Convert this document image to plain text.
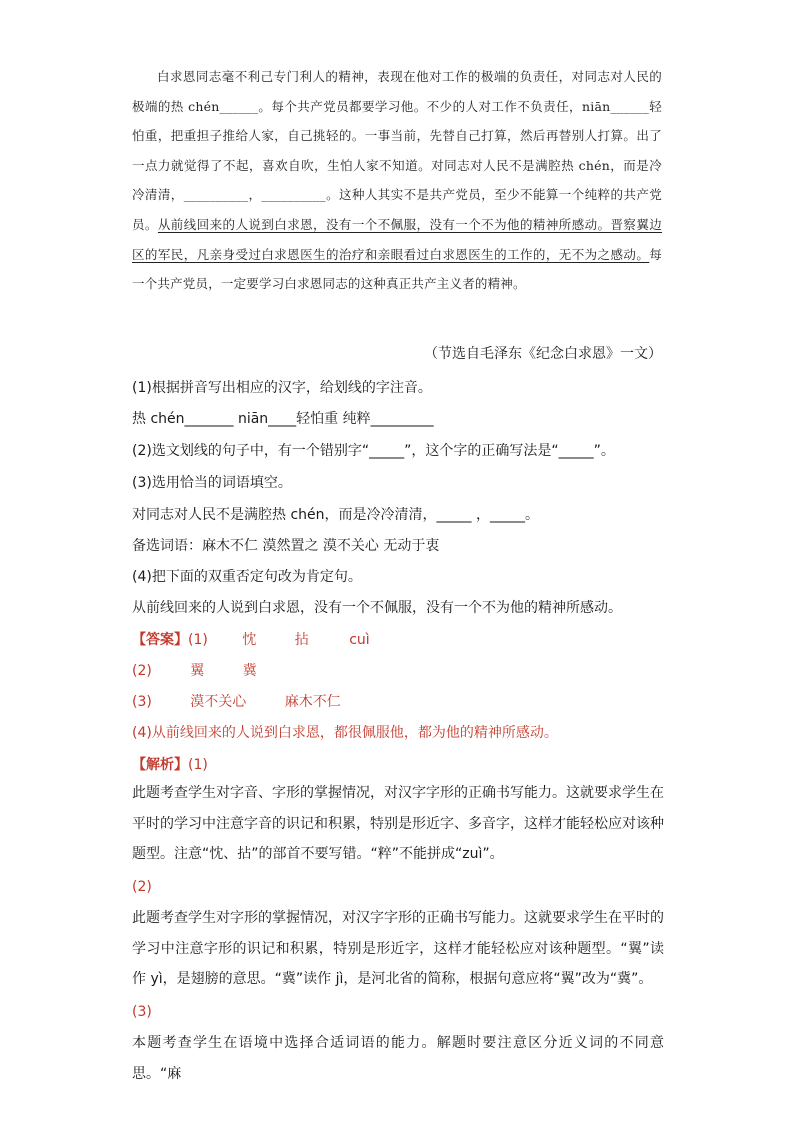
白求恩同志毫不利己专门利人的精神，表现在他对工作的极端的负责任，对同志对人民的极端的热 chén______。每个共产党员都要学习他。不少的人对工作不负责任，niān______轻怕重，把重担子推给人家，自己挑轻的。一事当前，先替自己打算，然后再替别人打算。出了一点力就觉得了不起，喜欢自吹，生怕人家不知道。对同志对人民不是满腔热 chén，而是冷冷清清，__________，__________。这种人其实不是共产党员，至少不能算一个纯粹的共产党员。从前线回来的人说到白求恩，没有一个不佩服，没有一个不为他的精神所感动。晋察翼边区的军民，凡亲身受过白求恩医生的治疗和亲眼看过白求恩医生的工作的，无不为之感动。每一个共产党员，一定要学习白求恩同志的这种真正共产主义者的精神。

（节选自毛泽东《纪念白求恩》一文）
(1)根据拼音写出相应的汉字，给划线的字注音。
热 chén_______ niān____轻怕重 纯粹_________
(2)选文划线的句子中，有一个错别字“_____”，这个字的正确写法是“_____”。
(3)选用恰当的词语填空。
对同志对人民不是满腔热 chén，而是冷冷清清，_____ ，_____。
备选词语：麻木不仁 漠然置之 漠不关心 无动于衷
(4)把下面的双重否定句改为肯定句。
从前线回来的人说到白求恩，没有一个不佩服，没有一个不为他的精神所感动。
【答案】(1) 忱	拈	cuì
(2)	翼	冀
(3)	漠不关心	麻木不仁
(4)从前线回来的人说到白求恩，都很佩服他，都为他的精神所感动。
【解析】(1)

此题考查学生对字音、字形的掌握情况，对汉字字形的正确书写能力。这就要求学生在平时的学习中注意字音的识记和积累，特别是形近字、多音字，这样才能轻松应对该种题型。注意“忱、拈”的部首不要写错。“粹”不能拼成“zuì”。

(2)

此题考查学生对字形的掌握情况，对汉字字形的正确书写能力。这就要求学生在平时的学习中注意字形的识记和积累，特别是形近字，这样才能轻松应对该种题型。“翼”读作 yì，是翅膀的意思。“冀”读作 jì，是河北省的简称，根据句意应将“翼”改为“冀”。

(3)

本题考查学生在语境中选择合适词语的能力。解题时要注意区分近义词的不同意思。“麻
